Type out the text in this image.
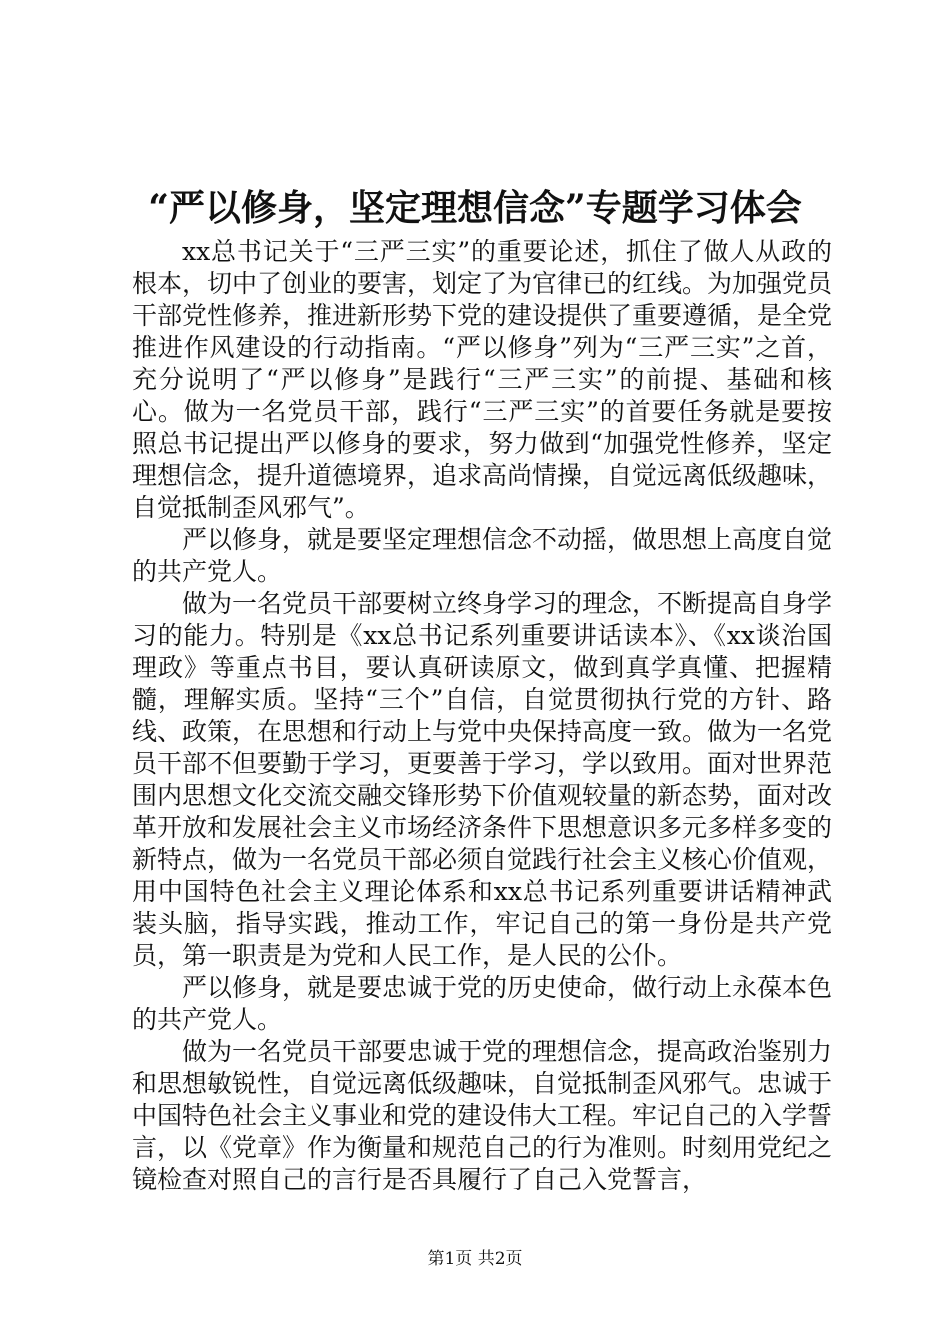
“严以修身，坚定理想信念”专题学习体会

xx总书记关于“三严三实”的重要论述，抓住了做人从政的根本，切中了创业的要害，划定了为官律已的红线。为加强党员干部党性修养，推进新形势下党的建设提供了重要遵循，是全党推进作风建设的行动指南。“严以修身”列为“三严三实”之首，充分说明了“严以修身”是践行“三严三实”的前提、基础和核心。做为一名党员干部，践行“三严三实”的首要任务就是要按照总书记提出严以修身的要求，努力做到“加强党性修养，坚定理想信念，提升道德境界，追求高尚情操，自觉远离低级趣味，自觉抵制歪风邪气”。

严以修身，就是要坚定理想信念不动摇，做思想上高度自觉的共产党人。

做为一名党员干部要树立终身学习的理念，不断提高自身学习的能力。特别是《xx总书记系列重要讲话读本》、《xx谈治国理政》等重点书目，要认真研读原文，做到真学真懂、把握精髓，理解实质。坚持“三个”自信，自觉贯彻执行党的方针、路线、政策，在思想和行动上与党中央保持高度一致。做为一名党员干部不但要勤于学习，更要善于学习，学以致用。面对世界范围内思想文化交流交融交锋形势下价值观较量的新态势，面对改革开放和发展社会主义市场经济条件下思想意识多元多样多变的新特点，做为一名党员干部必须自觉践行社会主义核心价值观，用中国特色社会主义理论体系和xx总书记系列重要讲话精神武装头脑，指导实践，推动工作，牢记自己的第一身份是共产党员，第一职责是为党和人民工作，是人民的公仆。

严以修身，就是要忠诚于党的历史使命，做行动上永葆本色的共产党人。

做为一名党员干部要忠诚于党的理想信念，提高政治鉴别力和思想敏锐性，自觉远离低级趣味，自觉抵制歪风邪气。忠诚于中国特色社会主义事业和党的建设伟大工程。牢记自己的入学誓言，以《党章》作为衡量和规范自己的行为准则。时刻用党纪之镜检查对照自己的言行是否具履行了自己入党誓言，

第1页 共2页
